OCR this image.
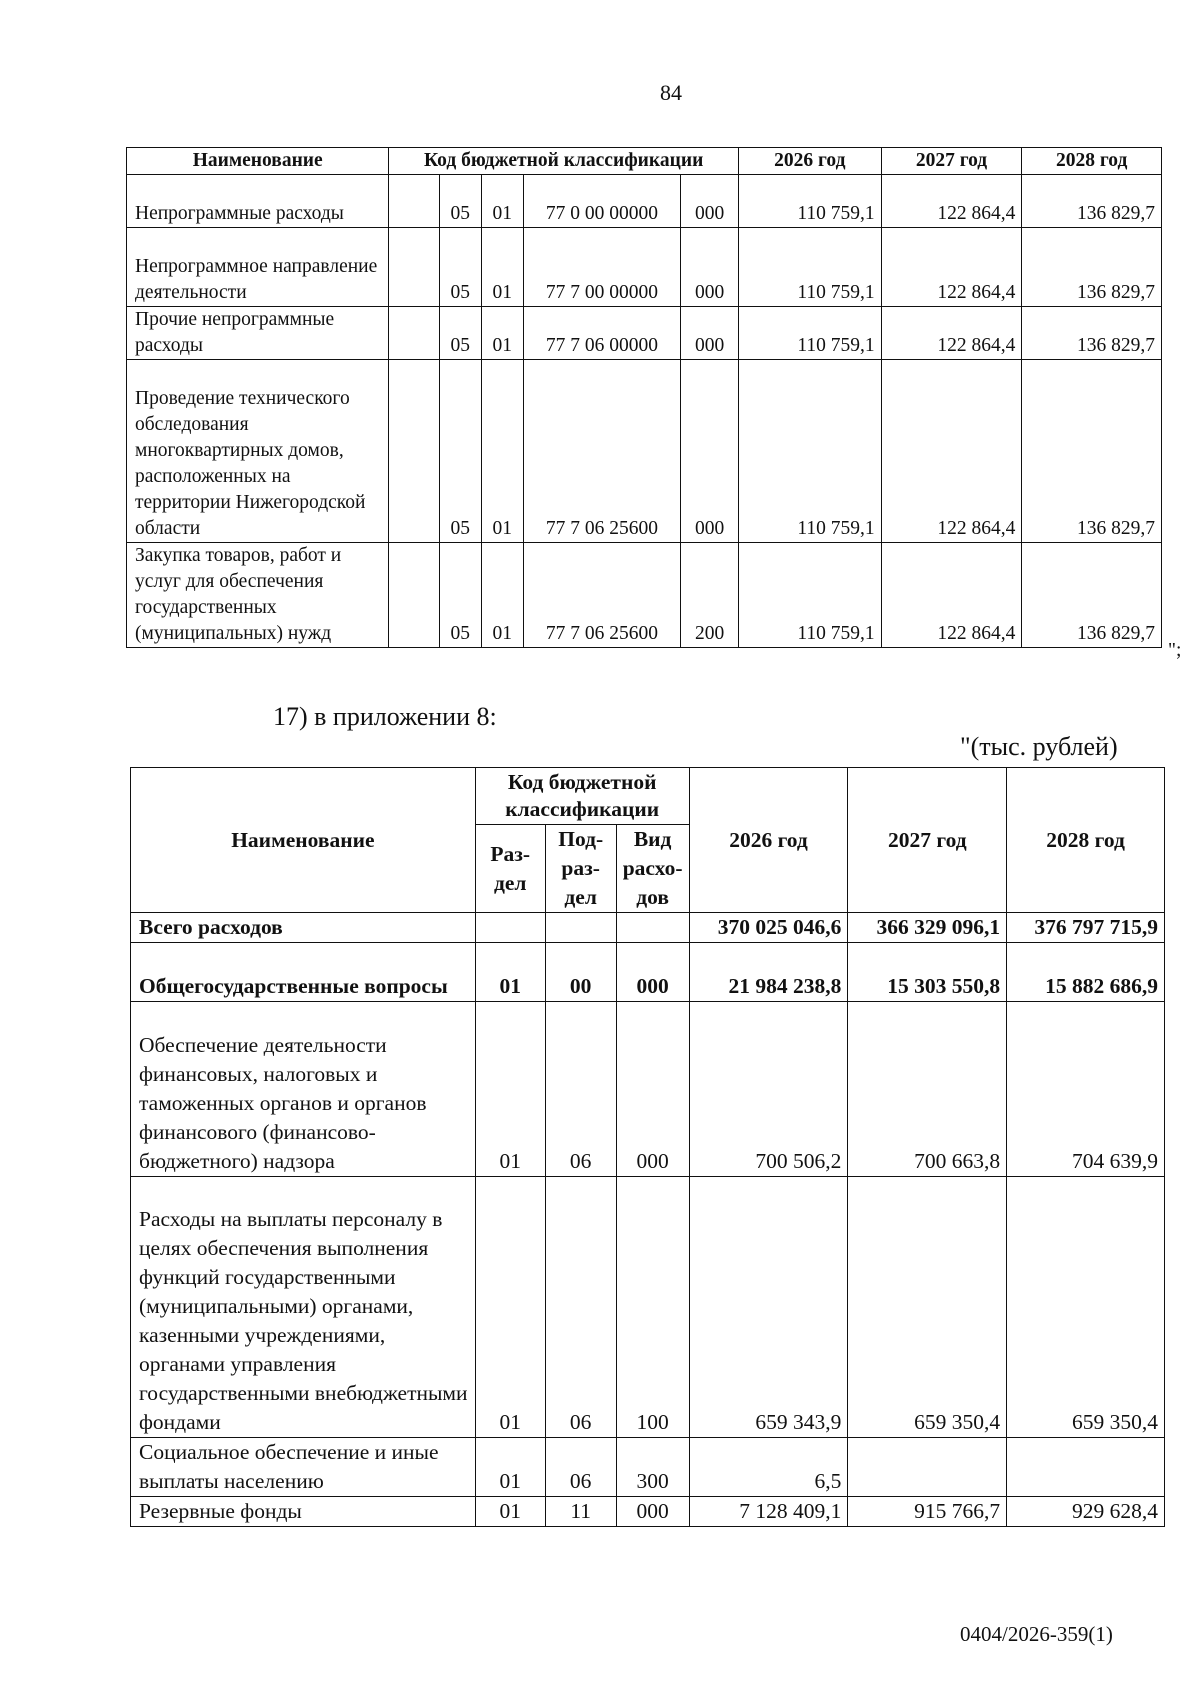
84
Наименование	Код бюджетной классификации					2026 год	2027 год	2028 год
Непрограммные расходы		05	01	77 0 00 00000	000	110 759,1	122 864,4	136 829,7
Непрограммное направление деятельности		05	01	77 7 00 00000	000	110 759,1	122 864,4	136 829,7
Прочие непрограммные расходы		05	01	77 7 06 00000	000	110 759,1	122 864,4	136 829,7
Проведение технического обследования многоквартирных домов, расположенных на территории Нижегородской области		05	01	77 7 06 25600	000	110 759,1	122 864,4	136 829,7
Закупка товаров, работ и услуг для обеспечения государственных (муниципальных) нужд		05	01	77 7 06 25600	200	110 759,1	122 864,4	136 829,7
";
17) в приложении 8:
"(тыс. рублей)
Наименование	Код бюджетной классификации			2026 год	2027 год	2028 год
	Раз- дел	Под- раз- дел	Вид расхо- дов			
Всего расходов				370 025 046,6	366 329 096,1	376 797 715,9
Общегосударственные вопросы	01	00	000	21 984 238,8	15 303 550,8	15 882 686,9
Обеспечение деятельности финансовых, налоговых и таможенных органов и органов финансового (финансово-бюджетного) надзора	01	06	000	700 506,2	700 663,8	704 639,9
Расходы на выплаты персоналу в целях обеспечения выполнения функций государственными (муниципальными) органами, казенными учреждениями, органами управления государственными внебюджетными фондами	01	06	100	659 343,9	659 350,4	659 350,4
Социальное обеспечение и иные выплаты населению	01	06	300	6,5		
Резервные фонды	01	11	000	7 128 409,1	915 766,7	929 628,4
0404/2026-359(1)
